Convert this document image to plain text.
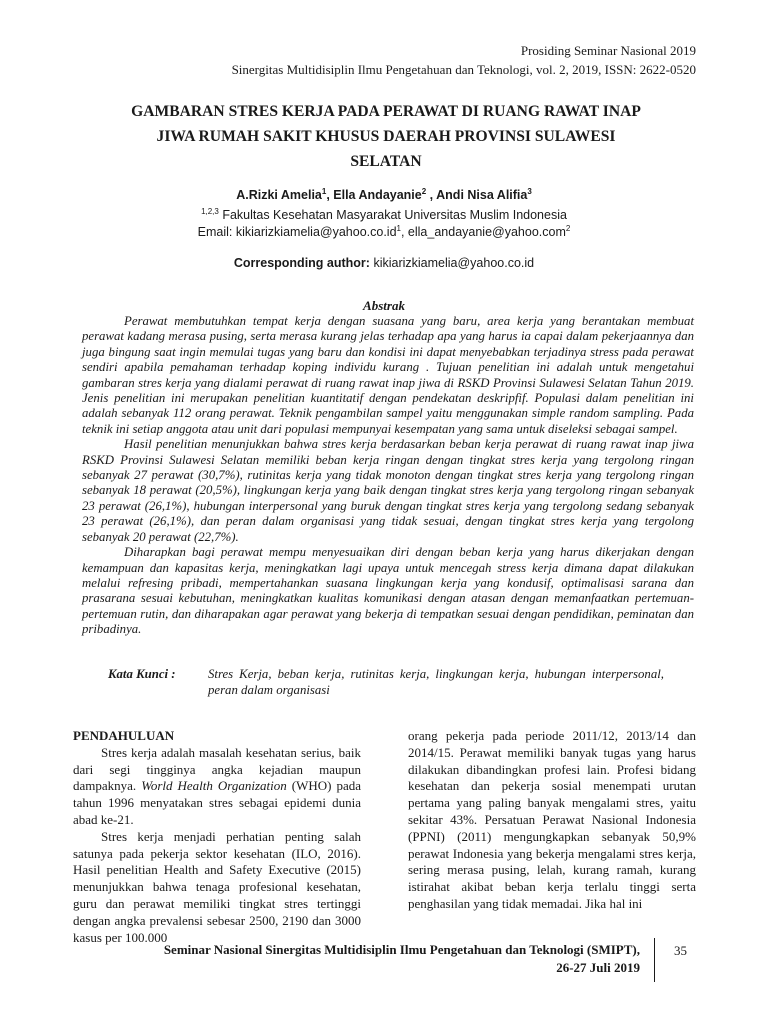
Prosiding Seminar Nasional 2019
Sinergitas Multidisiplin Ilmu Pengetahuan dan Teknologi, vol. 2, 2019, ISSN: 2622-0520
GAMBARAN STRES KERJA PADA PERAWAT DI RUANG RAWAT INAP
JIWA RUMAH SAKIT KHUSUS DAERAH PROVINSI SULAWESI
SELATAN
A.Rizki Amelia$^1$, Ella Andayanie$^2$ , Andi Nisa Alifia$^3$
$^{1,2,3}$ Fakultas Kesehatan Masyarakat Universitas Muslim Indonesia
Email: $kikiarizkiamelia@yahoo.co.id^1$, ella_andayanie@yahoo.com$^2$
Corresponding author: kikiarizkiamelia@yahoo.co.id
Abstrak

Perawat membutuhkan tempat kerja dengan suasana yang baru, area kerja yang berantakan membuat perawat kadang merasa pusing, serta merasa kurang jelas terhadap apa yang harus ia capai dalam pekerjaannya dan juga bingung saat ingin memulai tugas yang baru dan kondisi ini dapat menyebabkan terjadinya stress pada perawat sendiri apabila pemahaman terhadap koping individu kurang . Tujuan penelitian ini adalah untuk mengetahui gambaran stres kerja yang dialami perawat di ruang rawat inap jiwa di RSKD Provinsi Sulawesi Selatan Tahun 2019. Jenis penelitian ini merupakan penelitian kuantitatif dengan pendekatan deskripfif. Populasi dalam penelitian ini adalah sebanyak 112 orang perawat. Teknik pengambilan sampel yaitu menggunakan simple random sampling. Pada teknik ini setiap anggota atau unit dari populasi mempunyai kesempatan yang sama untuk diseleksi sebagai sampel.

Hasil penelitian menunjukkan bahwa stres kerja berdasarkan beban kerja perawat di ruang rawat inap jiwa RSKD Provinsi Sulawesi Selatan memiliki beban kerja ringan dengan tingkat stres kerja yang tergolong ringan sebanyak 27 perawat (30,7%), rutinitas kerja yang tidak monoton dengan tingkat stres kerja yang tergolong ringan sebanyak 18 perawat (20,5%), lingkungan kerja yang baik dengan tingkat stres kerja yang tergolong ringan sebanyak 23 perawat (26,1%), hubungan interpersonal yang buruk dengan tingkat stres kerja yang tergolong sedang sebanyak 23 perawat (26,1%), dan peran dalam organisasi yang tidak sesuai, dengan tingkat stres kerja yang tergolong sebanyak 20 perawat (22,7%).

Diharapkan bagi perawat mempu menyesuaikan diri dengan beban kerja yang harus dikerjakan dengan kemampuan dan kapasitas kerja, meningkatkan lagi upaya untuk mencegah stress kerja dimana dapat dilakukan melalui refresing pribadi, mempertahankan suasana lingkungan kerja yang kondusif, optimalisasi sarana dan prasarana sesuai kebutuhan, meningkatkan kualitas komunikasi dengan atasan dengan memanfaatkan pertemuan-pertemuan rutin, dan diharapakan agar perawat yang bekerja di tempatkan sesuai dengan pendidikan, peminatan dan pribadinya.

Kata Kunci :	Stres Kerja, beban kerja, rutinitas kerja, lingkungan kerja, hubungan interpersonal, peran dalam organisasi
PENDAHULUAN

Stres kerja adalah masalah kesehatan serius, baik dari segi tingginya angka kejadian maupun dampaknya. World Health Organization (WHO) pada tahun 1996 menyatakan stres sebagai epidemi dunia abad ke-21.

Stres kerja menjadi perhatian penting salah satunya pada pekerja sektor kesehatan (ILO, 2016). Hasil penelitian Health and Safety Executive (2015) menunjukkan bahwa tenaga profesional kesehatan, guru dan perawat memiliki tingkat stres tertinggi dengan angka prevalensi sebesar 2500, 2190 dan 3000 kasus per 100.000

orang pekerja pada periode 2011/12, 2013/14 dan 2014/15. Perawat memiliki banyak tugas yang harus dilakukan dibandingkan profesi lain. Profesi bidang kesehatan dan pekerja sosial menempati urutan pertama yang paling banyak mengalami stres, yaitu sekitar 43%. Persatuan Perawat Nasional Indonesia (PPNI) (2011) mengungkapkan sebanyak 50,9% perawat Indonesia yang bekerja mengalami stres kerja, sering merasa pusing, lelah, kurang ramah, kurang istirahat akibat beban kerja terlalu tinggi serta penghasilan yang tidak memadai. Jika hal ini

Seminar Nasional Sinergitas Multidisiplin Ilmu Pengetahuan dan Teknologi (SMIPT),
26-27 Juli 2019
35
